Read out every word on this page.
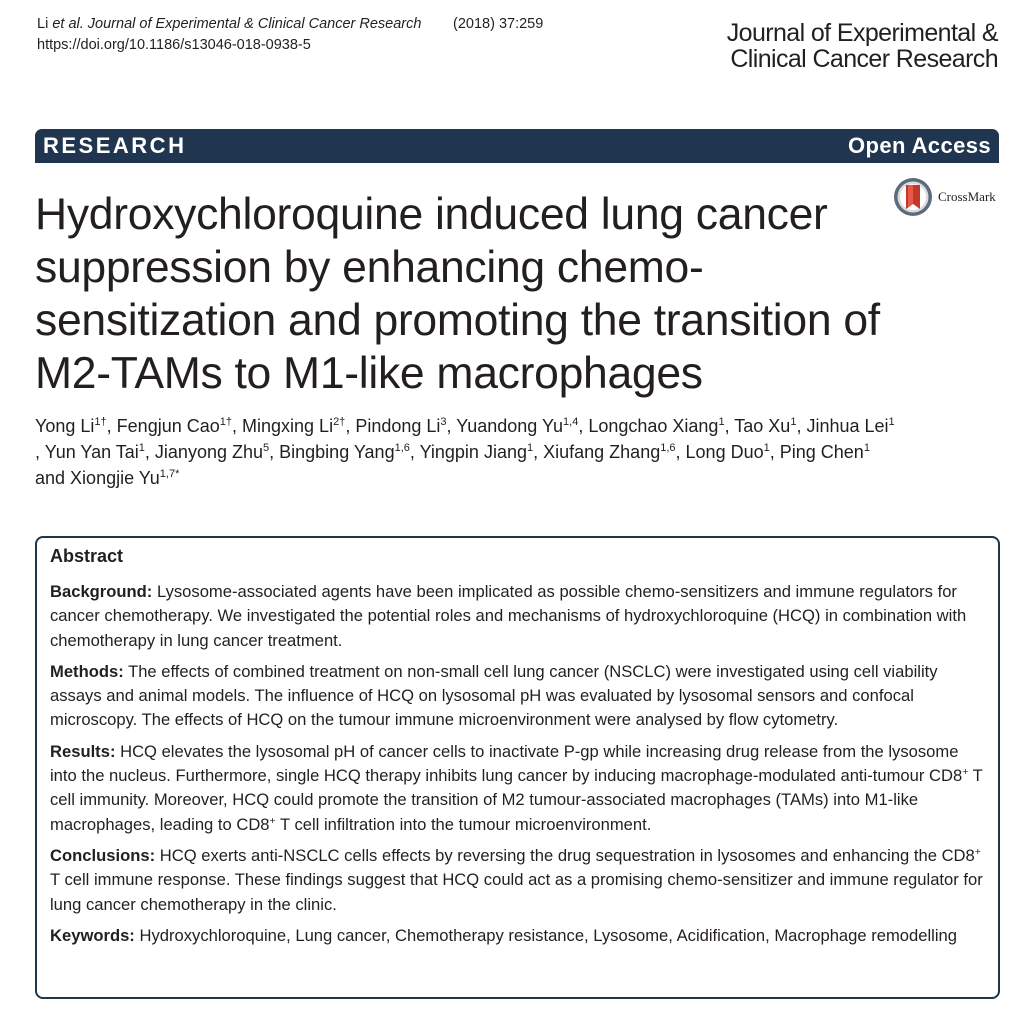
Li et al. Journal of Experimental & Clinical Cancer Research (2018) 37:259
https://doi.org/10.1186/s13046-018-0938-5	Journal of Experimental &
Clinical Cancer Research
RESEARCH	Open Access
CrossMark
Hydroxychloroquine induced lung cancer suppression by enhancing chemo-sensitization and promoting the transition of M2-TAMs to M1-like macrophages
Yong $Li^{1\dagger}$, Fengjun Cao$^{1\dagger}$, Mingxing $Li^{2\dagger}$, Pindong Li$^3$, Yuandong Yu$^{1,4}$, Longchao Xiang$^1$, Tao Xu$^1$, Jinhua Lei$^1$
, Yun Yan Tai$^1$, Jianyong Zhu$^5$, Bingbing Yang$^{1,6}$, Yingpin Jiang$^1$, Xiufang Zhang$^{1,6}$, Long Duo$^1$, Ping Chen$^1$
and Xiongjie $Yu^{1,7*}$
Abstract

Background: Lysosome-associated agents have been implicated as possible chemo-sensitizers and immune regulators for cancer chemotherapy. We investigated the potential roles and mechanisms of hydroxychloroquine (HCQ) in combination with chemotherapy in lung cancer treatment.

Methods: The effects of combined treatment on non-small cell lung cancer (NSCLC) were investigated using cell viability assays and animal models. The influence of HCQ on lysosomal pH was evaluated by lysosomal sensors and confocal microscopy. The effects of HCQ on the tumour immune microenvironment were analysed by flow cytometry.

Results: HCQ elevates the lysosomal pH of cancer cells to inactivate P-gp while increasing drug release from the lysosome into the nucleus. Furthermore, single HCQ therapy inhibits lung cancer by inducing macrophage-modulated anti-tumour CD8+ T cell immunity. Moreover, HCQ could promote the transition of M2 tumour-associated macrophages (TAMs) into M1-like macrophages, leading to CD8+ T cell infiltration into the tumour microenvironment.

Conclusions: HCQ exerts anti-NSCLC cells effects by reversing the drug sequestration in lysosomes and enhancing the CD8+ T cell immune response. These findings suggest that HCQ could act as a promising chemo-sensitizer and immune regulator for lung cancer chemotherapy in the clinic.

Keywords: Hydroxychloroquine, Lung cancer, Chemotherapy resistance, Lysosome, Acidification, Macrophage remodelling
